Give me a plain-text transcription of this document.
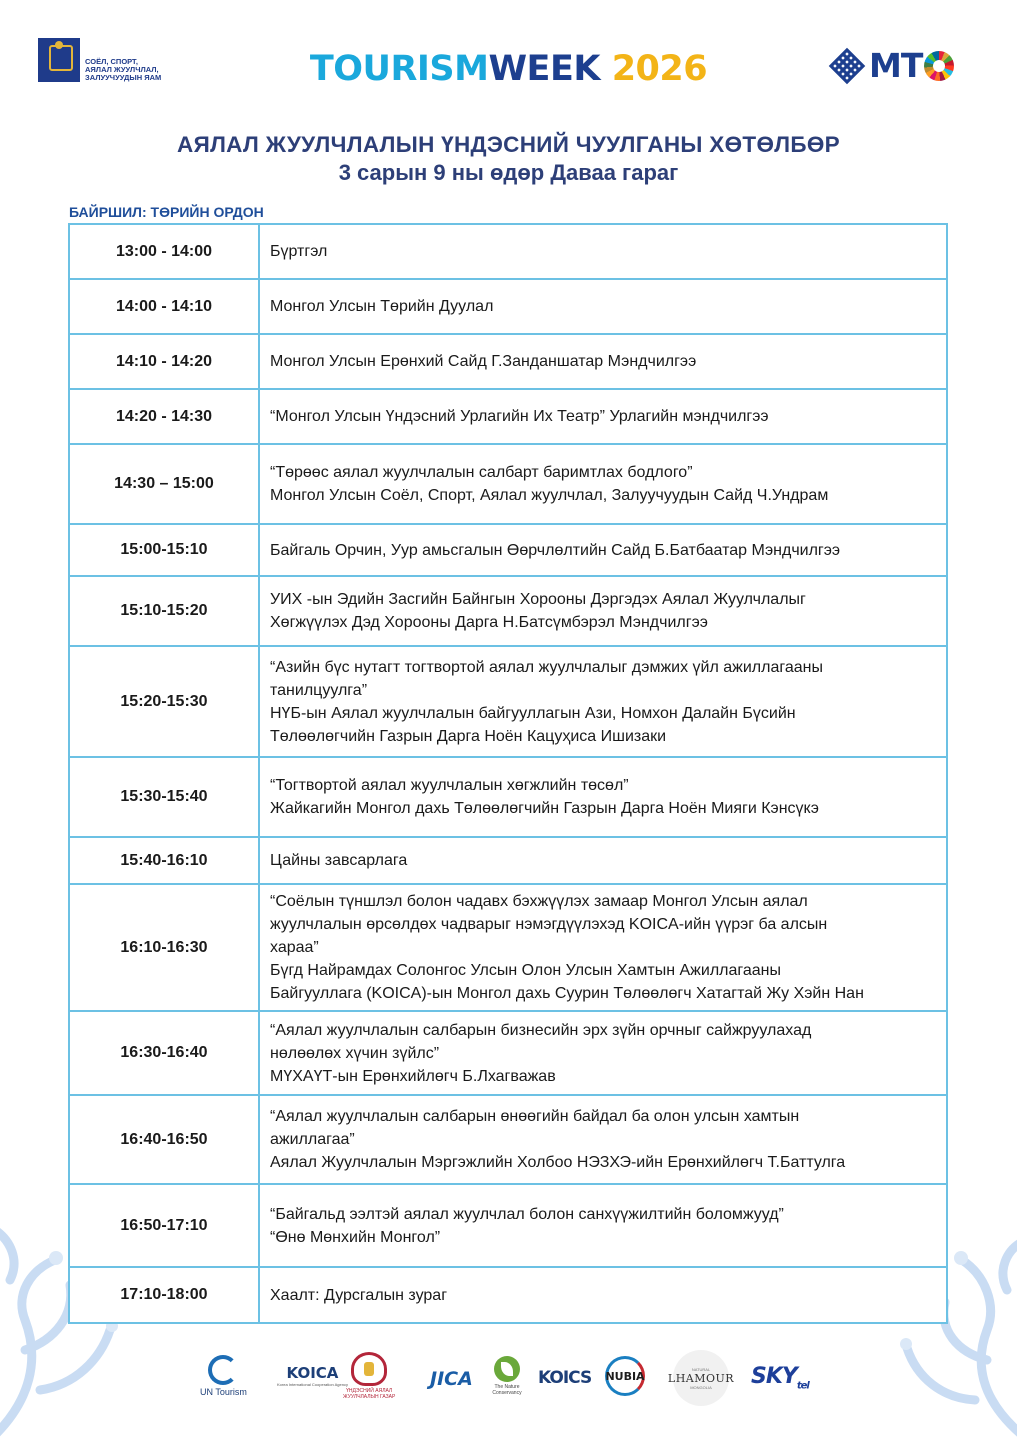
СОЁЛ, СПОРТ,
АЯЛАЛ ЖУУЛЧЛАЛ,
ЗАЛУУЧУУДЫН ЯАМ	TOURISMWEEK 2026	MT
АЯЛАЛ ЖУУЛЧЛАЛЫН ҮНДЭСНИЙ ЧУУЛГАНЫ ХӨТӨЛБӨР
3 сарын 9 ны өдөр Даваа гараг
БАЙРШИЛ: ТӨРИЙН ОРДОН
13:00 - 14:00	Бүртгэл

14:00 - 14:10	Монгол Улсын Төрийн Дуулал

14:10 - 14:20	Монгол Улсын Ерөнхий Сайд Г.Занданшатар Мэндчилгээ

14:20 - 14:30	“Монгол Улсын Үндэсний Урлагийн Их Театр” Урлагийн мэндчилгээ

14:30 – 15:00	“Төрөөс аялал жуулчлалын салбарт баримтлах бодлого”
Монгол Улсын Соёл, Спорт, Аялал жуулчлал, Залуучуудын Сайд Ч.Ундрам

15:00-15:10	Байгаль Орчин, Уур амьсгалын Өөрчлөлтийн Сайд Б.Батбаатар Мэндчилгээ

15:10-15:20	УИХ -ын Эдийн Засгийн Байнгын Хорооны Дэргэдэх Аялал Жуулчлалыг
Хөгжүүлэх Дэд Хорооны Дарга Н.Батсүмбэрэл Мэндчилгээ

15:20-15:30	“Азийн бүс нутагт тогтвортой аялал жуулчлалыг дэмжих үйл ажиллагааны
танилцуулга”
НҮБ-ын Аялал жуулчлалын байгууллагын Ази, Номхон Далайн Бүсийн
Төлөөлөгчийн Газрын Дарга Ноён Кацуҳиса Ишизаки

15:30-15:40	“Тогтвортой аялал жуулчлалын хөгжлийн төсөл”
Жайкагийн Монгол дахь Төлөөлөгчийн Газрын Дарга Ноён Мияги Кэнсүкэ

15:40-16:10	Цайны завсарлага

16:10-16:30	“Соёлын түншлэл болон чадавх бэхжүүлэх замаар Монгол Улсын аялал
жуулчлалын өрсөлдөх чадварыг нэмэгдүүлэхэд KOICA-ийн үүрэг ба алсын
хараа”
Бүгд Найрамдах Солонгос Улсын Олон Улсын Хамтын Ажиллагааны
Байгууллага (KOICA)-ын Монгол дахь Суурин Төлөөлөгч Хатагтай Жу Хэйн Нан

16:30-16:40	“Аялал жуулчлалын салбарын бизнесийн эрх зүйн орчныг сайжруулахад
нөлөөлөх хүчин зүйлс”
МҮХАҮТ-ын Ерөнхийлөгч Б.Лхагважав

16:40-16:50	“Аялал жуулчлалын салбарын өнөөгийн байдал ба олон улсын хамтын
ажиллагаа”
Аялал Жуулчлалын Мэргэжлийн Холбоо НЭЗХЭ-ийн Ерөнхийлөгч Т.Баттулга

16:50-17:10	“Байгальд ээлтэй аялал жуулчлал болон санхүүжилтийн боломжууд”
“Өнө Мөнхийн Монгол”

17:10-18:00	Хаалт: Дурсгалын зураг
UN Tourism
KOICA
Korea International Cooperation Agency
ҮНДЭСНИЙ АЯЛАЛ
ЖУУЛЧЛАЛЫН ГАЗАР
JICA	The Nature Conservancy
KOICS NUBIA
NATURAL
LHAMOUR
MONGOLIA $SKY_{tel}$
